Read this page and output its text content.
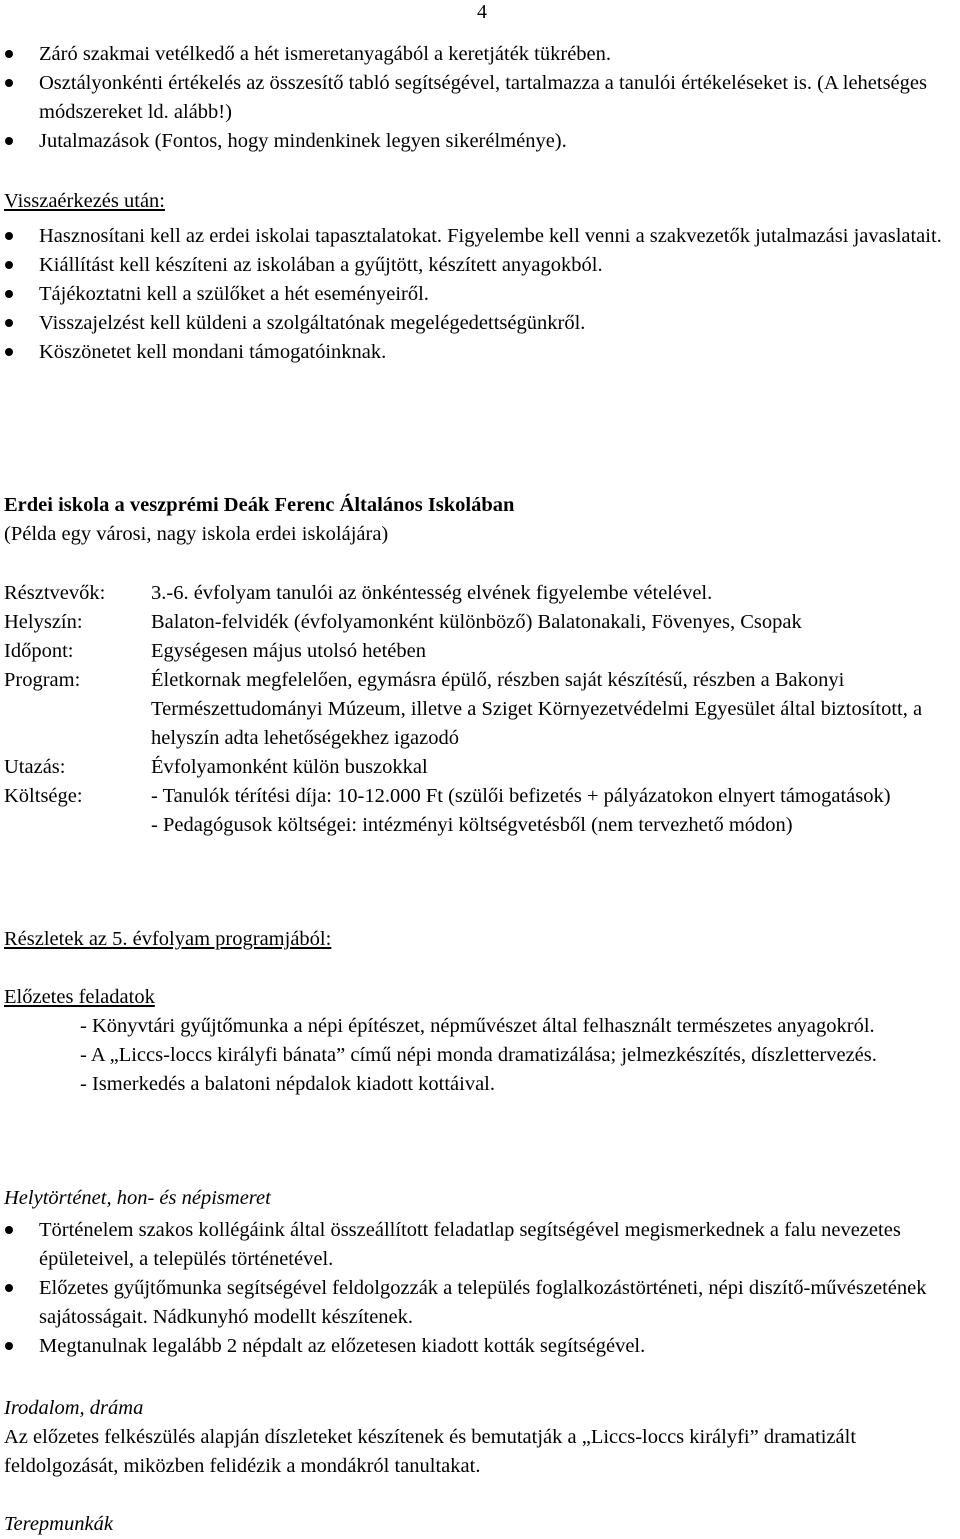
4
Záró szakmai vetélkedő a hét ismeretanyagából a keretjáték tükrében.
Osztályonkénti értékelés az összesítő tabló segítségével, tartalmazza a tanulói értékeléseket is. (A lehetséges módszereket ld. alább!)
Jutalmazások (Fontos, hogy mindenkinek legyen sikerélménye).

Visszaérkezés után:

Hasznosítani kell az erdei iskolai tapasztalatokat. Figyelembe kell venni a szakvezetők jutalmazási javaslatait.
Kiállítást kell készíteni az iskolában a gyűjtött, készített anyagokból.
Tájékoztatni kell a szülőket a hét eseményeiről.
Visszajelzést kell küldeni a szolgáltatónak megelégedettségünkről.
Köszönetet kell mondani támogatóinknak.

Erdei iskola a veszprémi Deák Ferenc Általános Iskolában

(Példa egy városi, nagy iskola erdei iskolájára)

Résztvevők:	3.-6. évfolyam tanulói az önkéntesség elvének figyelembe vételével.
Helyszín:	Balaton-felvidék (évfolyamonként különböző) Balatonakali, Fövenyes, Csopak
Időpont:	Egységesen május utolsó hetében
Program:	Életkornak megfelelően, egymásra épülő, részben saját készítésű, részben a Bakonyi Természettudományi Múzeum, illetve a Sziget Környezetvédelmi Egyesület által biztosított, a helyszín adta lehetőségekhez igazodó
Utazás:	Évfolyamonként külön buszokkal
Költsége:	- Tanulók térítési díja: 10-12.000 Ft (szülői befizetés + pályázatokon elnyert támogatások)
- Pedagógusok költségei: intézményi költségvetésből (nem tervezhető módon)

Részletek az 5. évfolyam programjából:

Előzetes feladatok

- Könyvtári gyűjtőmunka a népi építészet, népművészet által felhasznált természetes anyagokról.
- A „Liccs-loccs királyfi bánata” című népi monda dramatizálása; jelmezkészítés, díszlettervezés.
- Ismerkedés a balatoni népdalok kiadott kottáival.

Helytörténet, hon- és népismeret

Történelem szakos kollégáink által összeállított feladatlap segítségével megismerkednek a falu nevezetes épületeivel, a település történetével.
Előzetes gyűjtőmunka segítségével feldolgozzák a település foglalkozástörténeti, népi diszítő-művészetének sajátosságait. Nádkunyhó modellt készítenek.
Megtanulnak legalább 2 népdalt az előzetesen kiadott kották segítségével.

Irodalom, dráma

Az előzetes felkészülés alapján díszleteket készítenek és bemutatják a „Liccs-loccs királyfi” dramatizált feldolgozását, miközben felidézik a mondákról tanultakat.

Terepmunkák
